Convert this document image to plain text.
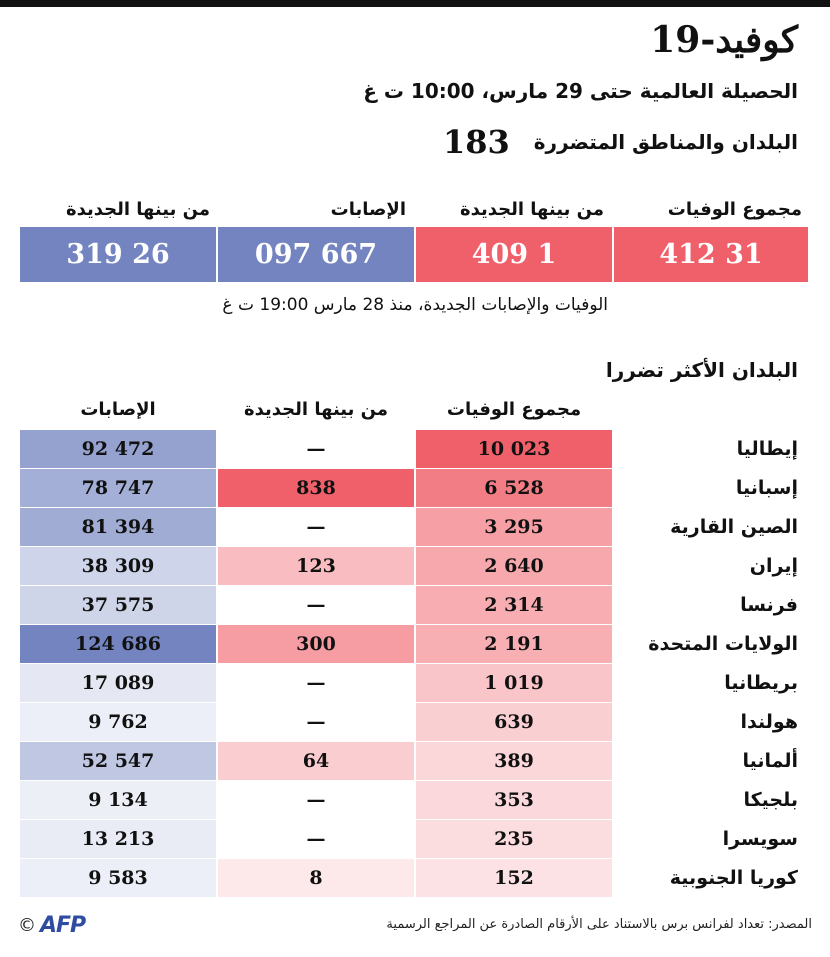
كوفيد-19
الحصيلة العالمية حتى 29 مارس، 10:00 ت غ
البلدان والمناطق المتضررة
183
مجموع الوفيات
من بينها الجديدة
الإصابات
من بينها الجديدة
31 412
1 409
667 097
26 319
الوفيات والإصابات الجديدة، منذ 28 مارس 19:00 ت غ
البلدان الأكثر تضررا
مجموع الوفيات
من بينها الجديدة
الإصابات
إيطاليا
10 023
—
92 472
إسبانيا
6 528
838
78 747
الصين القارية
3 295
—
81 394
إيران
2 640
123
38 309
فرنسا
2 314
—
37 575
الولايات المتحدة
2 191
300
124 686
بريطانيا
1 019
—
17 089
هولندا
639
—
9 762
ألمانيا
389
64
52 547
بلجيكا
353
—
9 134
سويسرا
235
—
13 213
كوريا الجنوبية
152
8
9 583
المصدر: تعداد لفرانس برس بالاستناد على الأرقام الصادرة عن المراجع الرسمية
© AFP
